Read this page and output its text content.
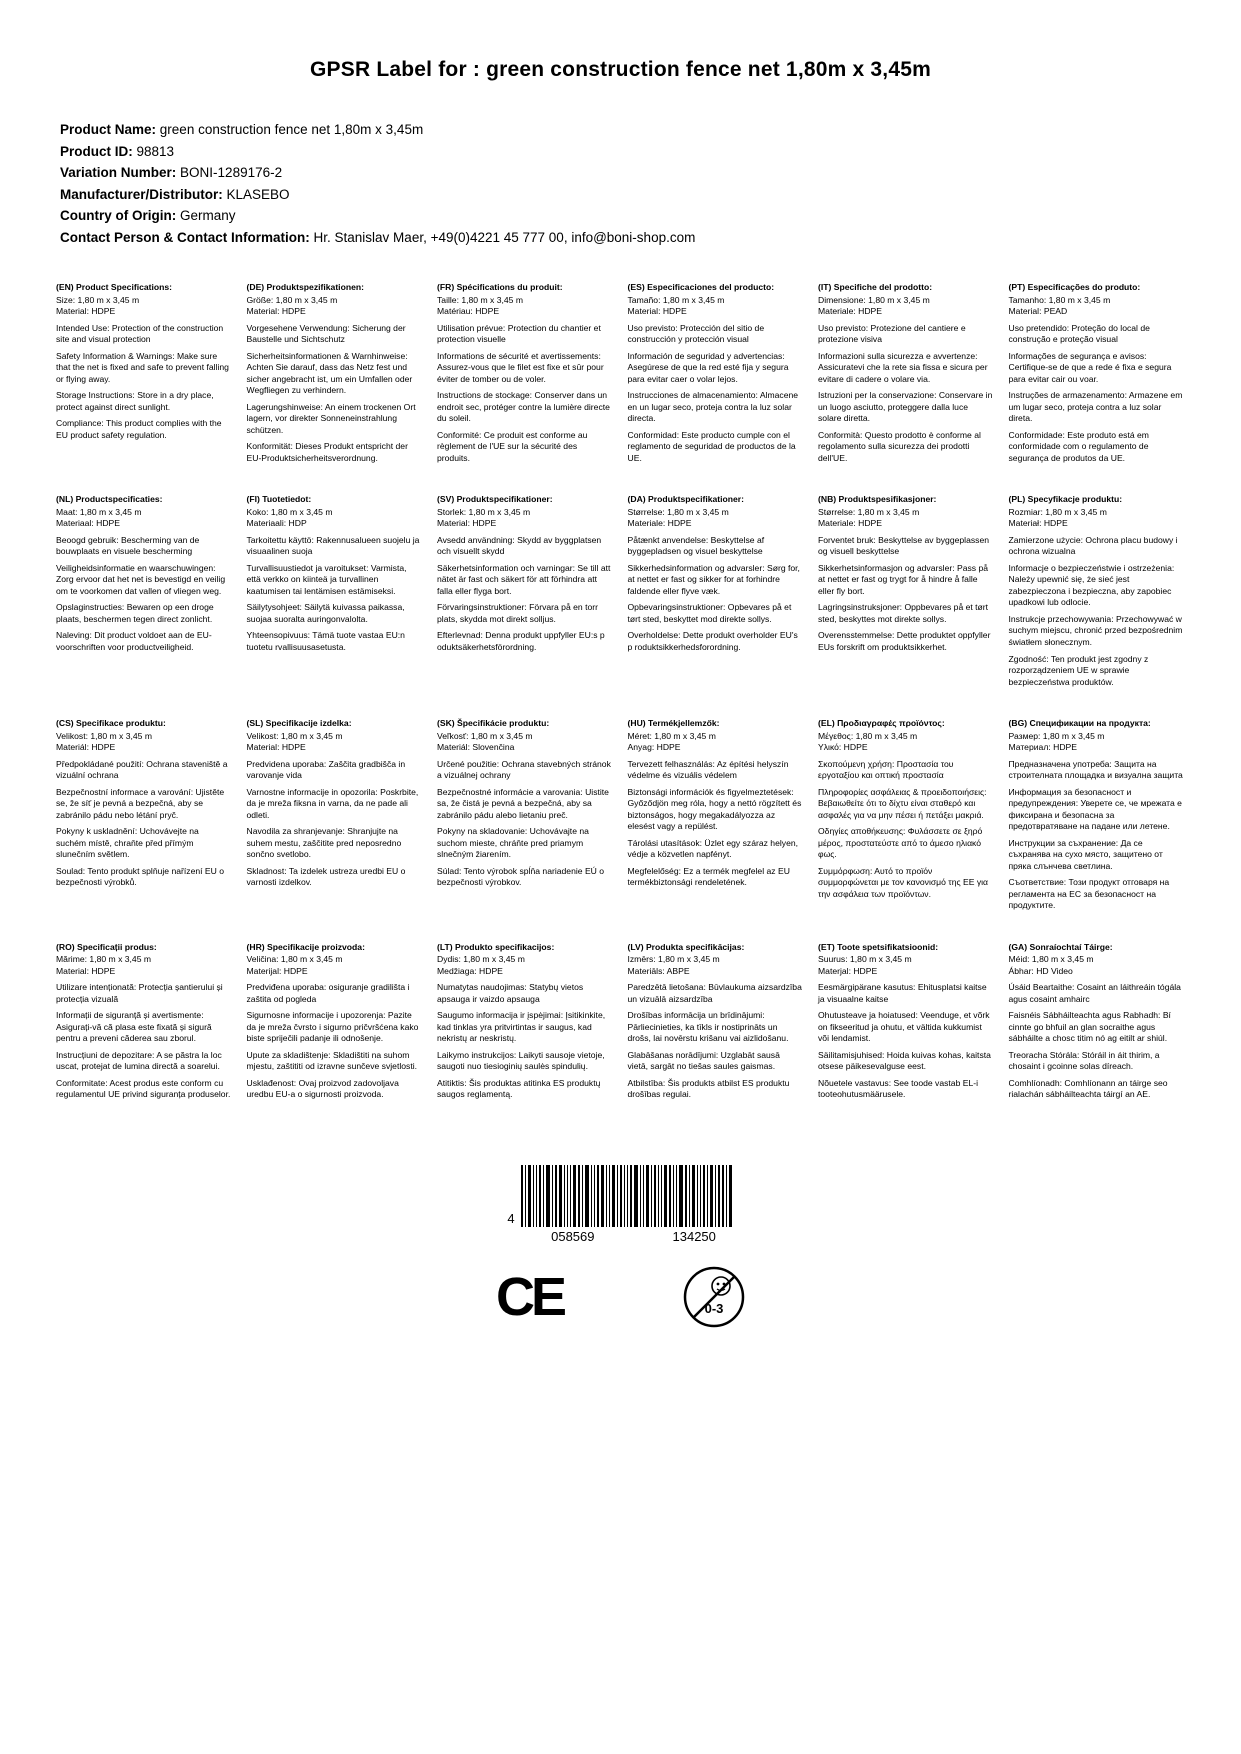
GPSR Label for : green construction fence net 1,80m x 3,45m
Product Name: green construction fence net 1,80m x 3,45m
Product ID: 98813
Variation Number: BONI-1289176-2
Manufacturer/Distributor: KLASEBO
Country of Origin: Germany
Contact Person & Contact Information: Hr. Stanislav Maer, +49(0)4221 45 777 00, info@boni-shop.com
(EN) Product Specifications:
Size: 1,80 m x 3,45 m
Material: HDPE
Intended Use: Protection of the construction site and visual protection
Safety Information & Warnings: Make sure that the net is fixed and safe to prevent falling or flying away.
Storage Instructions: Store in a dry place, protect against direct sunlight.
Compliance: This product complies with the EU product safety regulation.
(DE) Produktspezifikationen:
Größe: 1,80 m x 3,45 m
Material: HDPE
Vorgesehene Verwendung: Sicherung der Baustelle und Sichtschutz
Sicherheitsinformationen & Warnhinweise: Achten Sie darauf, dass das Netz fest und sicher angebracht ist, um ein Umfallen oder Wegfliegen zu verhindern.
Lagerungshinweise: An einem trockenen Ort lagern, vor direkter Sonneneinstrahlung schützen.
Konformität: Dieses Produkt entspricht der EU-Produktsicherheitsverordnung.
(FR) Spécifications du produit:
Taille: 1,80 m x 3,45 m
Matériau: HDPE
Utilisation prévue: Protection du chantier et protection visuelle
Informations de sécurité et avertissements: Assurez-vous que le filet est fixe et sûr pour éviter de tomber ou de voler.
Instructions de stockage: Conserver dans un endroit sec, protéger contre la lumière directe du soleil.
Conformité: Ce produit est conforme au règlement de l'UE sur la sécurité des produits.
(ES) Especificaciones del producto:
Tamaño: 1,80 m x 3,45 m
Material: HDPE
Uso previsto: Protección del sitio de construcción y protección visual
Información de seguridad y advertencias: Asegúrese de que la red esté fija y segura para evitar caer o volar lejos.
Instrucciones de almacenamiento: Almacene en un lugar seco, proteja contra la luz solar directa.
Conformidad: Este producto cumple con el reglamento de seguridad de productos de la UE.
(IT) Specifiche del prodotto:
Dimensione: 1,80 m x 3,45 m
Materiale: HDPE
Uso previsto: Protezione del cantiere e protezione visiva
Informazioni sulla sicurezza e avvertenze: Assicuratevi che la rete sia fissa e sicura per evitare di cadere o volare via.
Istruzioni per la conservazione: Conservare in un luogo asciutto, proteggere dalla luce solare diretta.
Conformità: Questo prodotto è conforme al regolamento sulla sicurezza dei prodotti dell'UE.
(PT) Especificações do produto:
Tamanho: 1,80 m x 3,45 m
Material: PEAD
Uso pretendido: Proteção do local de construção e proteção visual
Informações de segurança e avisos: Certifique-se de que a rede é fixa e segura para evitar cair ou voar.
Instruções de armazenamento: Armazene em um lugar seco, proteja contra a luz solar direta.
Conformidade: Este produto está em conformidade com o regulamento de segurança de produtos da UE.
(NL) Productspecificaties:
Maat: 1,80 m x 3,45 m
Materiaal: HDPE
Beoogd gebruik: Bescherming van de bouwplaats en visuele bescherming
Veiligheidsinformatie en waarschuwingen: Zorg ervoor dat het net is bevestigd en veilig om te voorkomen dat vallen of vliegen weg.
Opslaginstructies: Bewaren op een droge plaats, beschermen tegen direct zonlicht.
Naleving: Dit product voldoet aan de EU-voorschriften voor productveiligheid.
(FI) Tuotetiedot:
Koko: 1,80 m x 3,45 m
Materiaali: HDP
Tarkoitettu käyttö: Rakennusalueen suojelu ja visuaalinen suoja
Turvallisuustiedot ja varoitukset: Varmista, että verkko on kiinteä ja turvallinen kaatumisen tai lentämisen estämiseksi.
Säilytysohjeet: Säilytä kuivassa paikassa, suojaa suoralta auringonvalolta.
Yhteensopivuus: Tämä tuote vastaa EU:n tuotetu rvallisuusasetusta.
(SV) Produktspecifikationer:
Storlek: 1,80 m x 3,45 m
Material: HDPE
Avsedd användning: Skydd av byggplatsen och visuellt skydd
Säkerhetsinformation och varningar: Se till att nätet är fast och säkert för att förhindra att falla eller flyga bort.
Förvaringsinstruktioner: Förvara på en torr plats, skydda mot direkt solljus.
Efterlevnad: Denna produkt uppfyller EU:s p oduktsäkerhetsförordning.
(DA) Produktspecifikationer:
Størrelse: 1,80 m x 3,45 m
Materiale: HDPE
Påtænkt anvendelse: Beskyttelse af byggepladsen og visuel beskyttelse
Sikkerhedsinformation og advarsler: Sørg for, at nettet er fast og sikker for at forhindre faldende eller flyve væk.
Opbevaringsinstruktioner: Opbevares på et tørt sted, beskyttet mod direkte sollys.
Overholdelse: Dette produkt overholder EU's p roduktsikkerhedsforordning.
(NB) Produktspesifikasjoner:
Størrelse: 1,80 m x 3,45 m
Materiale: HDPE
Forventet bruk: Beskyttelse av byggeplassen og visuell beskyttelse
Sikkerhetsinformasjon og advarsler: Pass på at nettet er fast og trygt for å hindre å falle eller fly bort.
Lagringsinstruksjoner: Oppbevares på et tørt sted, beskyttes mot direkte sollys.
Overensstemmelse: Dette produktet oppfyller EUs forskrift om produktsikkerhet.
(PL) Specyfikacje produktu:
Rozmiar: 1,80 m x 3,45 m
Materiał: HDPE
Zamierzone użycie: Ochrona placu budowy i ochrona wizualna
Informacje o bezpieczeństwie i ostrzeżenia: Należy upewnić się, że sieć jest zabezpieczona i bezpieczna, aby zapobiec upadkowi lub odlocie.
Instrukcje przechowywania: Przechowywać w suchym miejscu, chronić przed bezpośrednim światłem słonecznym.
Zgodność: Ten produkt jest zgodny z rozporządzeniem UE w sprawie bezpieczeństwa produktów.
(CS) Specifikace produktu:
Velikost: 1,80 m x 3,45 m
Materiál: HDPE
Předpokládané použití: Ochrana staveniště a vizuální ochrana
Bezpečnostní informace a varování: Ujistěte se, že síť je pevná a bezpečná, aby se zabránilo pádu nebo létání pryč.
Pokyny k uskladnění: Uchovávejte na suchém místě, chraňte před přímým slunečním světlem.
Soulad: Tento produkt splňuje nařízení EU o bezpečnosti výrobků.
(SL) Specifikacije izdelka:
Velikost: 1,80 m x 3,45 m
Material: HDPE
Predvidena uporaba: Zaščita gradbišča in varovanje vida
Varnostne informacije in opozorila: Poskrbite, da je mreža fiksna in varna, da ne pade ali odleti.
Navodila za shranjevanje: Shranjujte na suhem mestu, zaščitite pred neposredno sončno svetlobo.
Skladnost: Ta izdelek ustreza uredbi EU o varnosti izdelkov.
(SK) Špecifikácie produktu:
Veľkosť: 1,80 m x 3,45 m
Materiál: Slovenčina
Určené použitie: Ochrana stavebných stránok a vizuálnej ochrany
Bezpečnostné informácie a varovania: Uistite sa, že čistá je pevná a bezpečná, aby sa zabránilo pádu alebo lietaniu preč.
Pokyny na skladovanie: Uchovávajte na suchom mieste, chráňte pred priamym slnečným žiarením.
Súlad: Tento výrobok spĺňa nariadenie EÚ o bezpečnosti výrobkov.
(HU) Termékjellemzők:
Méret: 1,80 m x 3,45 m
Anyag: HDPE
Tervezett felhasználás: Az építési helyszín védelme és vizuális védelem
Biztonsági információk és figyelmeztetések: Győződjön meg róla, hogy a nettó rögzített és biztonságos, hogy megakadályozza az elesést vagy a repülést.
Tárolási utasítások: Üzlet egy száraz helyen, védje a közvetlen napfényt.
Megfelelőség: Ez a termék megfelel az EU termékbiztonsági rendeletének.
(EL) Προδιαγραφές προϊόντος:
Μέγεθος: 1,80 m x 3,45 m
Υλικό: HDPE
Σκοπούμενη χρήση: Προστασία του εργοταξίου και οπτική προστασία
Πληροφορίες ασφάλειας & προειδοποιήσεις: Βεβαιωθείτε ότι το δίχτυ είναι σταθερό και ασφαλές για να μην πέσει ή πετάξει μακριά.
Οδηγίες αποθήκευσης: Φυλάσσετε σε ξηρό μέρος, προστατεύστε από το άμεσο ηλιακό φως.
Συμμόρφωση: Αυτό το προϊόν συμμορφώνεται με τον κανονισμό της ΕΕ για την ασφάλεια των προϊόντων.
(BG) Спецификации на продукта:
Размер: 1,80 m x 3,45 m
Материал: HDPE
Предназначена употреба: Защита на строителната площадка и визуална защита
Информация за безопасност и предупреждения: Уверете се, че мрежата е фиксирана и безопасна за предотвратяване на падане или летене.
Инструкции за съхранение: Да се съхранява на сухо място, защитено от пряка слънчева светлина.
Съответствие: Този продукт отговаря на регламента на ЕС за безопасност на продуктите.
(RO) Specificații produs:
Mărime: 1,80 m x 3,45 m
Material: HDPE
Utilizare intenționată: Protecția șantierului și protecția vizuală
Informații de siguranță și avertismente: Asigurați-vă că plasa este fixată și sigură pentru a preveni căderea sau zborul.
Instrucțiuni de depozitare: A se păstra la loc uscat, protejat de lumina directă a soarelui.
Conformitate: Acest produs este conform cu regulamentul UE privind siguranța produselor.
(HR) Specifikacije proizvoda:
Veličina: 1,80 m x 3,45 m
Materijal: HDPE
Predviđena uporaba: osiguranje gradilišta i zaštita od pogleda
Sigurnosne informacije i upozorenja: Pazite da je mreža čvrsto i sigurno pričvršćena kako biste spriječili padanje ili odnošenje.
Upute za skladištenje: Skladištiti na suhom mjestu, zaštititi od izravne sunčeve svjetlosti.
Usklađenost: Ovaj proizvod zadovoljava uredbu EU-a o sigurnosti proizvoda.
(LT) Produkto specifikacijos:
Dydis: 1,80 m x 3,45 m
Medžiaga: HDPE
Numatytas naudojimas: Statybų vietos apsauga ir vaizdo apsauga
Saugumo informacija ir įspėjimai: Įsitikinkite, kad tinklas yra pritvirtintas ir saugus, kad nekristų ar neskristų.
Laikymo instrukcijos: Laikyti sausoje vietoje, saugoti nuo tiesioginių saulės spindulių.
Atitiktis: Šis produktas atitinka ES produktų saugos reglamentą.
(LV) Produkta specifikācijas:
Izmērs: 1,80 m x 3,45 m
Materiāls: ABPE
Paredzētā lietošana: Būvlaukuma aizsardzība un vizuālā aizsardzība
Drošības informācija un brīdinājumi: Pārliecinieties, ka tīkls ir nostiprināts un drošs, lai novērstu krišanu vai aizlidošanu.
Glabāšanas norādījumi: Uzglabāt sausā vietā, sargāt no tiešas saules gaismas.
Atbilstība: Šis produkts atbilst ES produktu drošības regulai.
(ET) Toote spetsifikatsioonid:
Suurus: 1,80 m x 3,45 m
Materjal: HDPE
Eesmärgipärane kasutus: Ehitusplatsi kaitse ja visuaalne kaitse
Ohutusteave ja hoiatused: Veenduge, et võrk on fikseeritud ja ohutu, et vältida kukkumist või lendamist.
Säilitamisjuhised: Hoida kuivas kohas, kaitsta otsese päikesevalguse eest.
Nõuetele vastavus: See toode vastab EL-i tooteohutusmäärusele.
(GA) Sonraíochtaí Táirge:
Méid: 1,80 m x 3,45 m
Ábhar: HD Video
Úsáid Beartaithe: Cosaint an láithreáin tógála agus cosaint amhairc
Faisnéis Sábháilteachta agus Rabhadh: Bí cinnte go bhfuil an glan socraithe agus sábháilte a chosc titim nó ag eitilt ar shiúl.
Treoracha Stórála: Stóráil in áit thirim, a chosaint i gcoinne solas díreach.
Comhlíonadh: Comhlíonann an táirge seo rialachán sábháilteachta táirgí an AE.
4
058569	134250
CE	0-3
